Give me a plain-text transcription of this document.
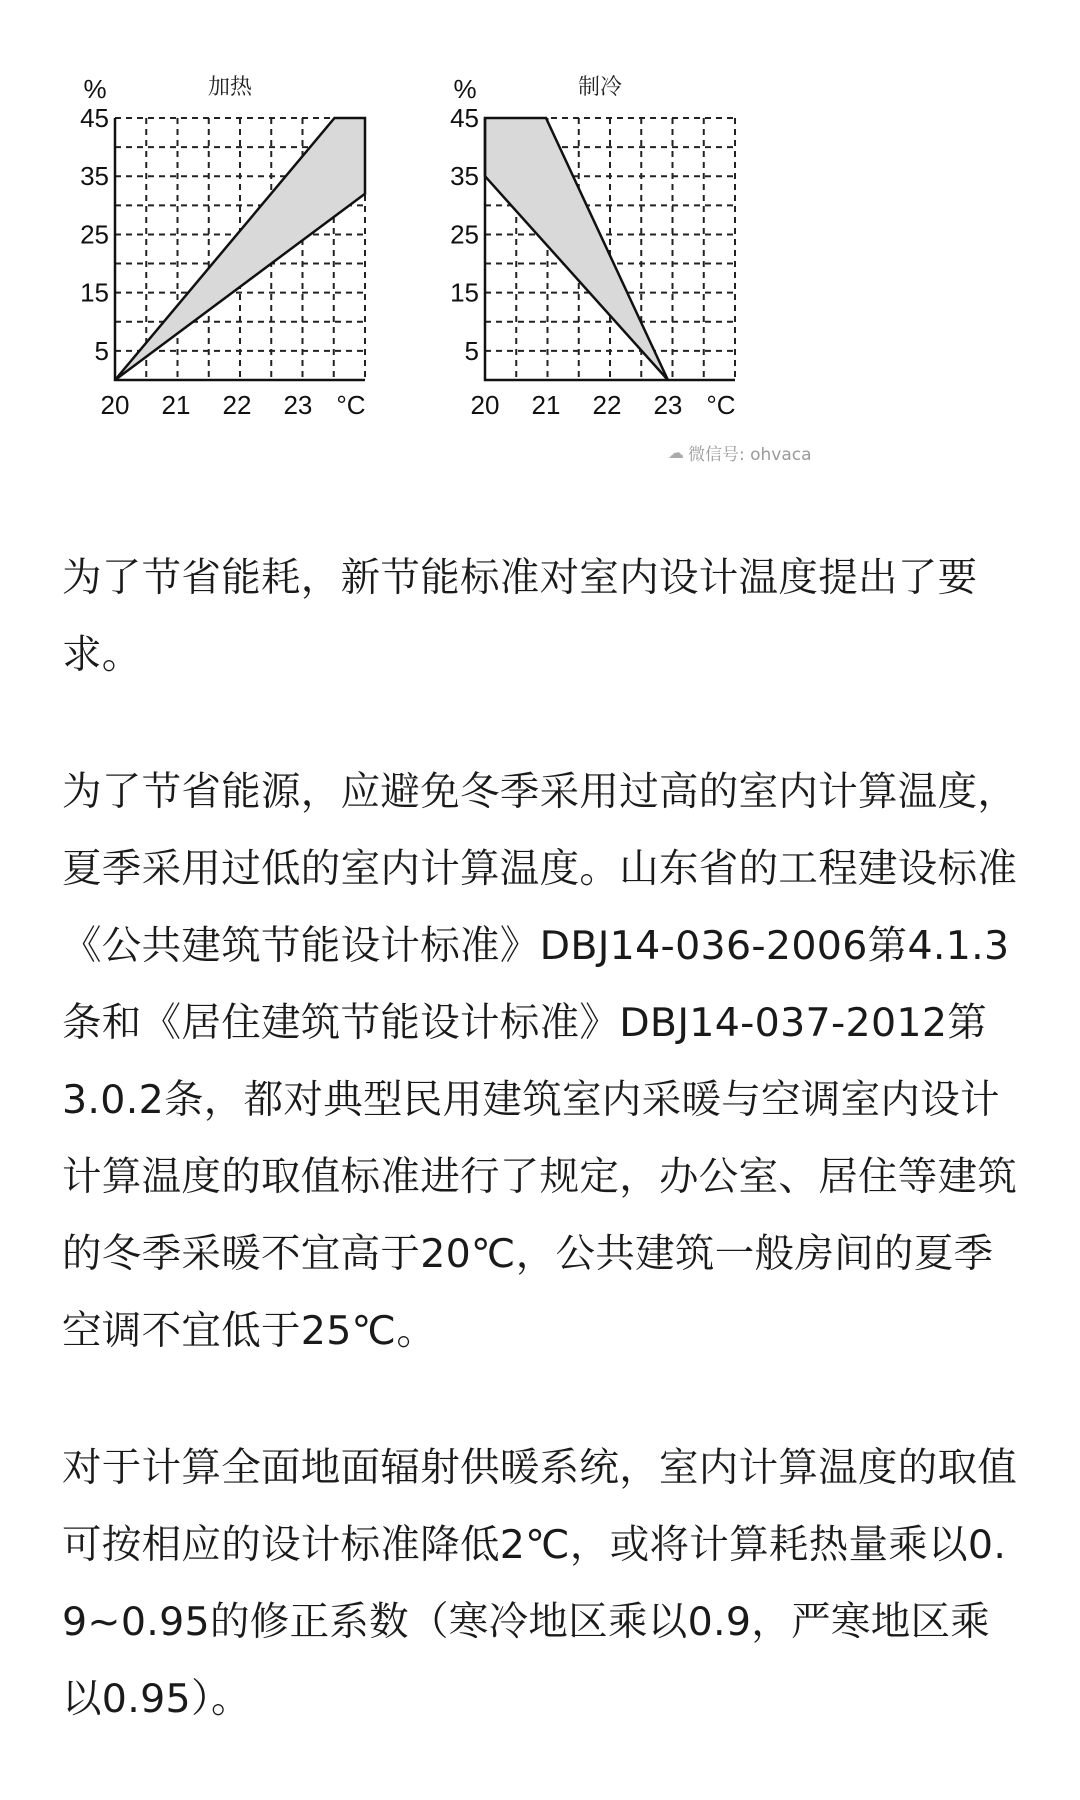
5
15
25
35
45
20 21 22 23 °C
%	加热
5
15
25
35
45
20 21 22 23 °C
%	制冷
☁ 微信号: ohvaca

为了节省能耗，新节能标准对室内设计温度提出了要求。

为了节省能源，应避免冬季采用过高的室内计算温度，夏季采用过低的室内计算温度。山东省的工程建设标准《公共建筑节能设计标准》DBJ14-036-2006第4.1.3条和《居住建筑节能设计标准》DBJ14-037-2012第3.0.2条，都对典型民用建筑室内采暖与空调室内设计计算温度的取值标准进行了规定，办公室、居住等建筑的冬季采暖不宜高于20℃，公共建筑一般房间的夏季空调不宜低于25℃。

对于计算全面地面辐射供暖系统，室内计算温度的取值可按相应的设计标准降低2℃，或将计算耗热量乘以0.9~0.95的修正系数（寒冷地区乘以0.9，严寒地区乘以0.95）。
